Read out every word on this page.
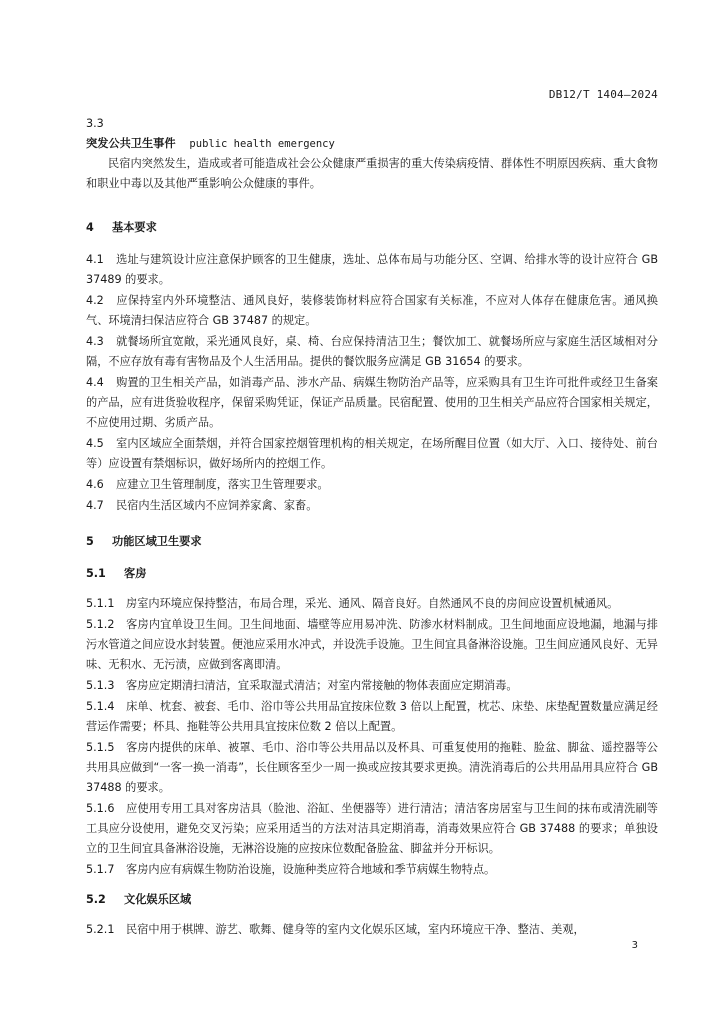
DB12/T 1404—2024
3.3
突发公共卫生事件 public health emergency
民宿内突然发生，造成或者可能造成社会公众健康严重损害的重大传染病疫情、群体性不明原因疾病、重大食物和职业中毒以及其他严重影响公众健康的事件。
4 基本要求
4.1 选址与建筑设计应注意保护顾客的卫生健康，选址、总体布局与功能分区、空调、给排水等的设计应符合 GB 37489 的要求。
4.2 应保持室内外环境整洁、通风良好，装修装饰材料应符合国家有关标准，不应对人体存在健康危害。通风换气、环境清扫保洁应符合 GB 37487 的规定。
4.3 就餐场所宜宽敞，采光通风良好，桌、椅、台应保持清洁卫生；餐饮加工、就餐场所应与家庭生活区域相对分隔，不应存放有毒有害物品及个人生活用品。提供的餐饮服务应满足 GB 31654 的要求。
4.4 购置的卫生相关产品，如消毒产品、涉水产品、病媒生物防治产品等，应采购具有卫生许可批件或经卫生备案的产品，应有进货验收程序，保留采购凭证，保证产品质量。民宿配置、使用的卫生相关产品应符合国家相关规定，不应使用过期、劣质产品。
4.5 室内区域应全面禁烟，并符合国家控烟管理机构的相关规定，在场所醒目位置（如大厅、入口、接待处、前台等）应设置有禁烟标识，做好场所内的控烟工作。
4.6 应建立卫生管理制度，落实卫生管理要求。
4.7 民宿内生活区域内不应饲养家禽、家畜。
5 功能区域卫生要求
5.1 客房
5.1.1 房室内环境应保持整洁，布局合理，采光、通风、隔音良好。自然通风不良的房间应设置机械通风。
5.1.2 客房内宜单设卫生间。卫生间地面、墙壁等应用易冲洗、防渗水材料制成。卫生间地面应设地漏，地漏与排污水管道之间应设水封装置。便池应采用水冲式，并设洗手设施。卫生间宜具备淋浴设施。卫生间应通风良好、无异味、无积水、无污渍，应做到客离即清。
5.1.3 客房应定期清扫清洁，宜采取湿式清洁；对室内常接触的物体表面应定期消毒。
5.1.4 床单、枕套、被套、毛巾、浴巾等公共用品宜按床位数 3 倍以上配置，枕芯、床垫、床垫配置数量应满足经营运作需要；杯具、拖鞋等公共用具宜按床位数 2 倍以上配置。
5.1.5 客房内提供的床单、被罩、毛巾、浴巾等公共用品以及杯具、可重复使用的拖鞋、脸盆、脚盆、遥控器等公共用具应做到“一客一换一消毒”，长住顾客至少一周一换或应按其要求更换。清洗消毒后的公共用品用具应符合 GB 37488 的要求。
5.1.6 应使用专用工具对客房洁具（脸池、浴缸、坐便器等）进行清洁；清洁客房居室与卫生间的抹布或清洗刷等工具应分设使用，避免交叉污染；应采用适当的方法对洁具定期消毒，消毒效果应符合 GB 37488 的要求；单独设立的卫生间宜具备淋浴设施，无淋浴设施的应按床位数配备脸盆、脚盆并分开标识。
5.1.7 客房内应有病媒生物防治设施，设施种类应符合地域和季节病媒生物特点。
5.2 文化娱乐区域
5.2.1 民宿中用于棋牌、游艺、歌舞、健身等的室内文化娱乐区域，室内环境应干净、整洁、美观，
3
